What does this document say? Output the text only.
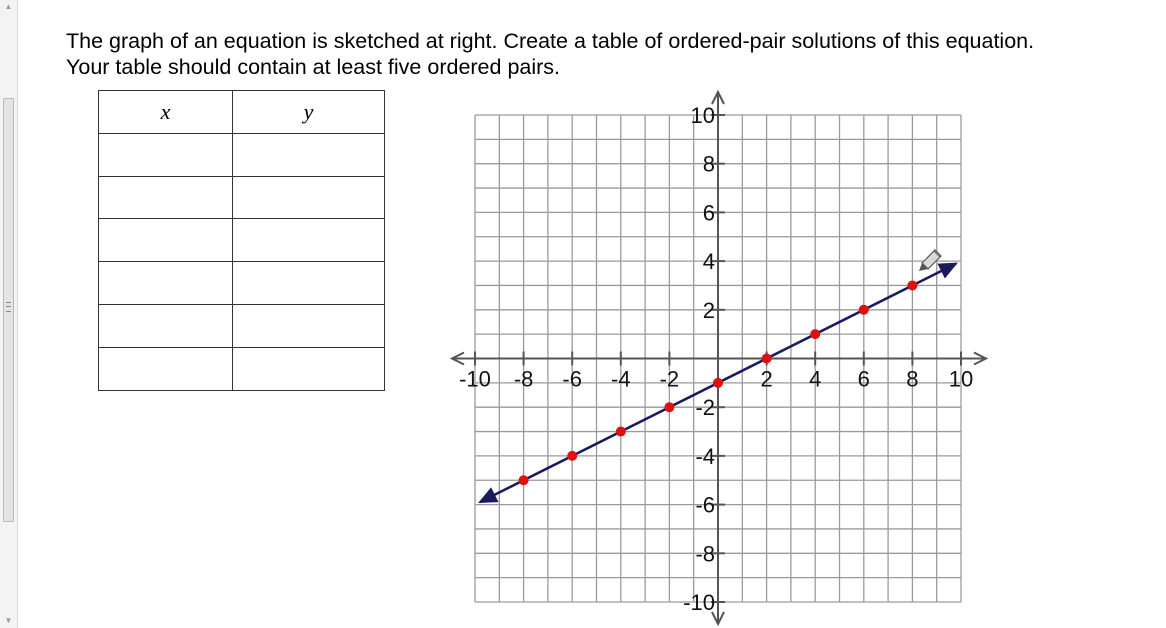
▲
▼
The graph of an equation is sketched at right. Create a table of ordered-pair solutions of this equation.
Your table should contain at least five ordered pairs.
x	y

-10 -8 -6 -4 -2	2 4 6 8 10
10
8
6
4
2
-2
-4
-6
-8
-10
